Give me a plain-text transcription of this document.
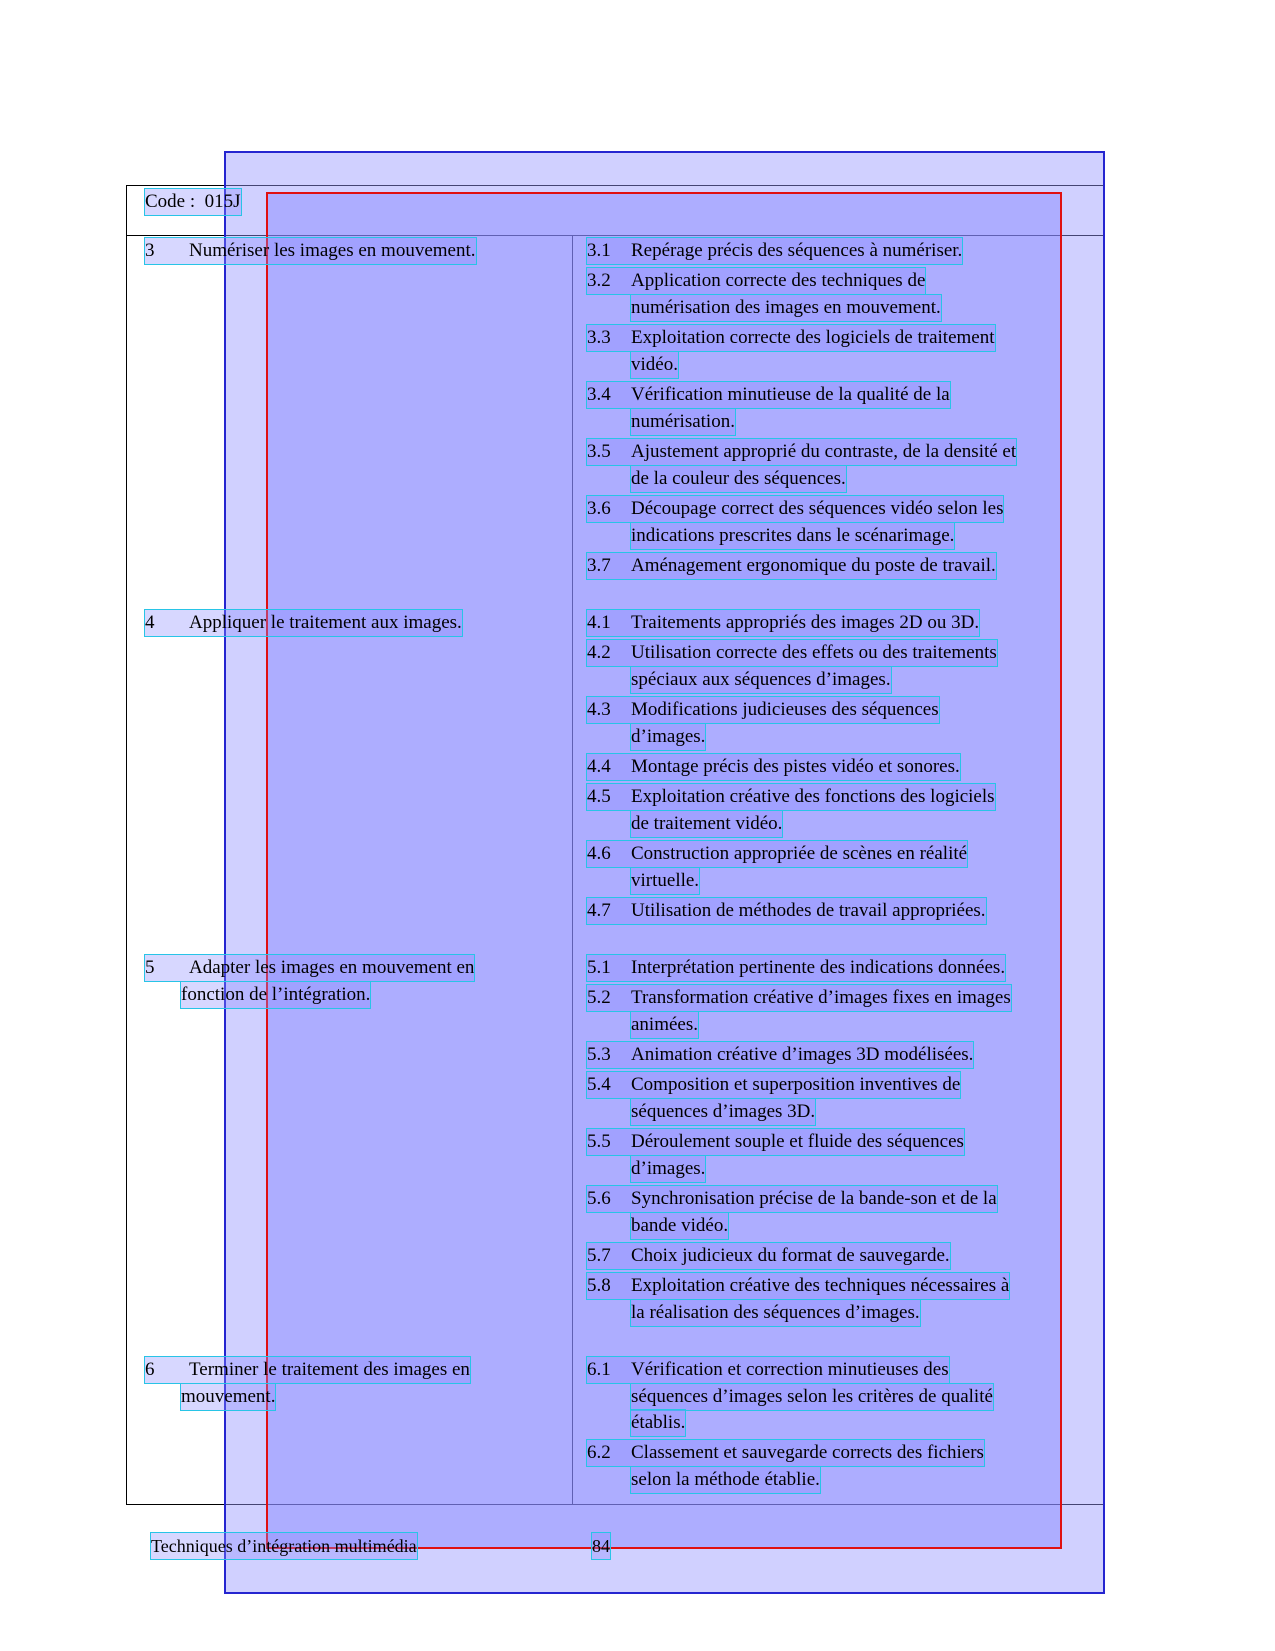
Code : 015J
3 Numériser les images en mouvement.	3.1 Repérage précis des séquences à numériser.
3.2 Application correcte des techniques de
numérisation des images en mouvement.
3.3 Exploitation correcte des logiciels de traitement
vidéo.
3.4 Vérification minutieuse de la qualité de la
numérisation.
3.5 Ajustement approprié du contraste, de la densité et
de la couleur des séquences.
3.6 Découpage correct des séquences vidéo selon les
indications prescrites dans le scénarimage.
3.7 Aménagement ergonomique du poste de travail.
4 Appliquer le traitement aux images.	4.1 Traitements appropriés des images 2D ou 3D.
4.2 Utilisation correcte des effets ou des traitements
spéciaux aux séquences d’images.
4.3 Modifications judicieuses des séquences
d’images.
4.4 Montage précis des pistes vidéo et sonores.
4.5 Exploitation créative des fonctions des logiciels
de traitement vidéo.
4.6 Construction appropriée de scènes en réalité
virtuelle.
4.7 Utilisation de méthodes de travail appropriées.
5 Adapter les images en mouvement en
fonction de l’intégration.
5.1 Interprétation pertinente des indications données.
5.2 Transformation créative d’images fixes en images
animées.
5.3 Animation créative d’images 3D modélisées.
5.4 Composition et superposition inventives de
séquences d’images 3D.
5.5 Déroulement souple et fluide des séquences
d’images.
5.6 Synchronisation précise de la bande-son et de la
bande vidéo.
5.7 Choix judicieux du format de sauvegarde.
5.8 Exploitation créative des techniques nécessaires à
la réalisation des séquences d’images.
6 Terminer le traitement des images en
mouvement.
6.1 Vérification et correction minutieuses des
séquences d’images selon les critères de qualité
établis.
6.2 Classement et sauvegarde corrects des fichiers
selon la méthode établie.
Techniques d’intégration multimédia	84
